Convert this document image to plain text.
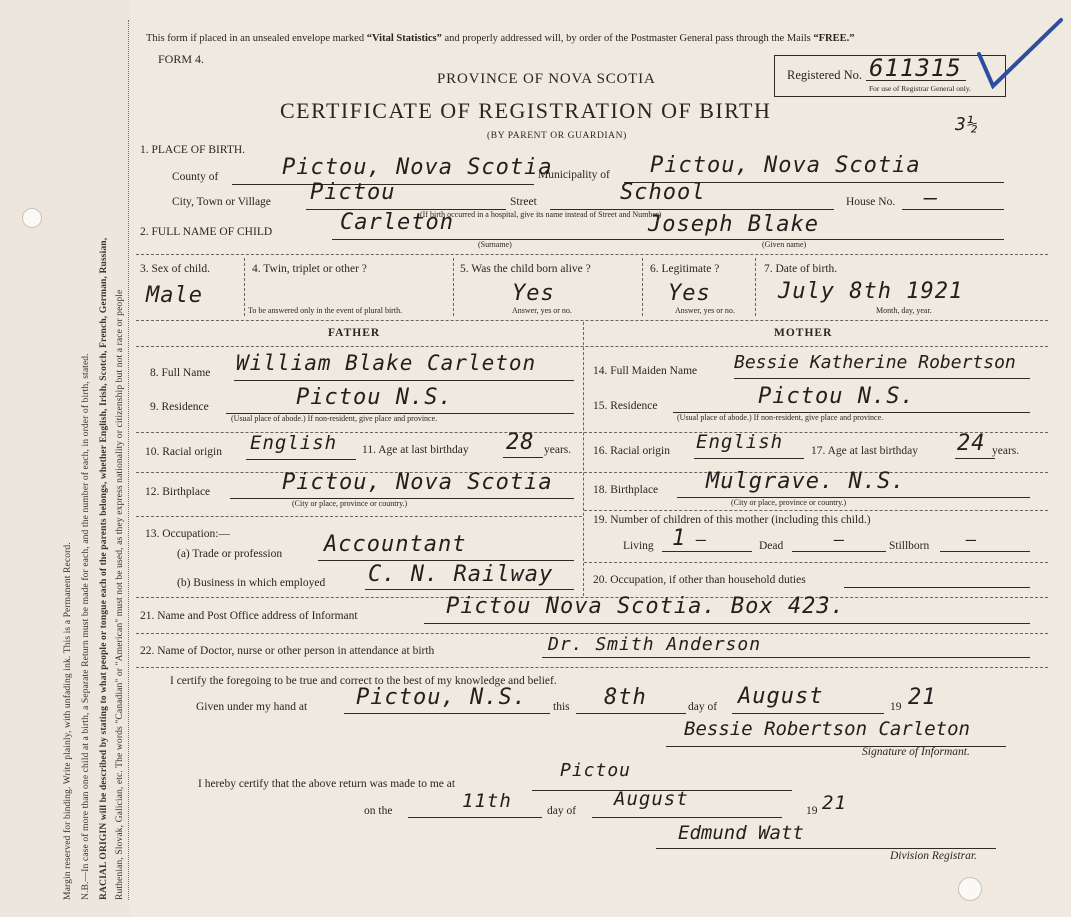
Margin reserved for binding. Write plainly, with unfading ink. This is a Permanent Record. N.B.—In case of more than one child at a birth, a Separate Return must be made for each, and the number of each, in order of birth, stated. RACIAL ORIGIN will be described by stating to what people or tongue each of the parents belongs, whether English, Irish, Scotch, French, German, Russian, Ruthenian, Slovak, Galician, etc. The words "Canadian" or "American" must not be used, as they express nationality or citizenship but not a race or people
This form if placed in an unsealed envelope marked “Vital Statistics” and properly addressed will, by order of the Postmaster General pass through the Mails “FREE.”
FORM 4.
PROVINCE OF NOVA SCOTIA
CERTIFICATE OF REGISTRATION OF BIRTH
(BY PARENT OR GUARDIAN)
Registered No. 611315
For use of Registrar General only.
3½
1. PLACE OF BIRTH.
County of	Pictou, Nova Scotia
Municipality of Pictou, Nova Scotia
City, Town or Village Pictou	Street	School	House No. —
(If birth occurred in a hospital, give its name instead of Street and Number)
2. FULL NAME OF CHILD	Carleton
(Surname)
Joseph Blake
(Given name)
3. Sex of child.
Male
4. Twin, triplet or other ?
To be answered only in the event of plural birth.
5. Was the child born alive ?
Yes
Answer, yes or no.
6. Legitimate ?
Yes
Answer, yes or no.
7. Date of birth.
July 8th 1921
Month, day, year.
FATHER	MOTHER
8. Full Name William Blake Carleton
9. Residence	Pictou N.S.
(Usual place of abode.) If non-resident, give place and province.
10. Racial origin English 11. Age at last birthday 28 years.
12. Birthplace	Pictou, Nova Scotia
(City or place, province or country.)
13. Occupation:—
(a) Trade or profession Accountant
(b) Business in which employed C. N. Railway
14. Full Maiden Name Bessie Katherine Robertson
15. Residence	Pictou N.S.
(Usual place of abode.) If non-resident, give place and province.
16. Racial origin English 17. Age at last birthday 24 years.
18. Birthplace Mulgrave. N.S.
(City or place, province or country.)
19. Number of children of this mother (including this child.)
Living 1 —	Dead	—	Stillborn —
20. Occupation, if other than household duties
21. Name and Post Office address of Informant	Pictou Nova Scotia. Box 423.
22. Name of Doctor, nurse or other person in attendance at birth	Dr. Smith Anderson
I certify the foregoing to be true and correct to the best of my knowledge and belief.
Given under my hand at Pictou, N.S. this 8th	day of August	19 21
Bessie Robertson Carleton
Signature of Informant.
I hereby certify that the above return was made to me at
Pictou
on the	11th	day of
August
19 21
Edmund Watt
Division Registrar.
